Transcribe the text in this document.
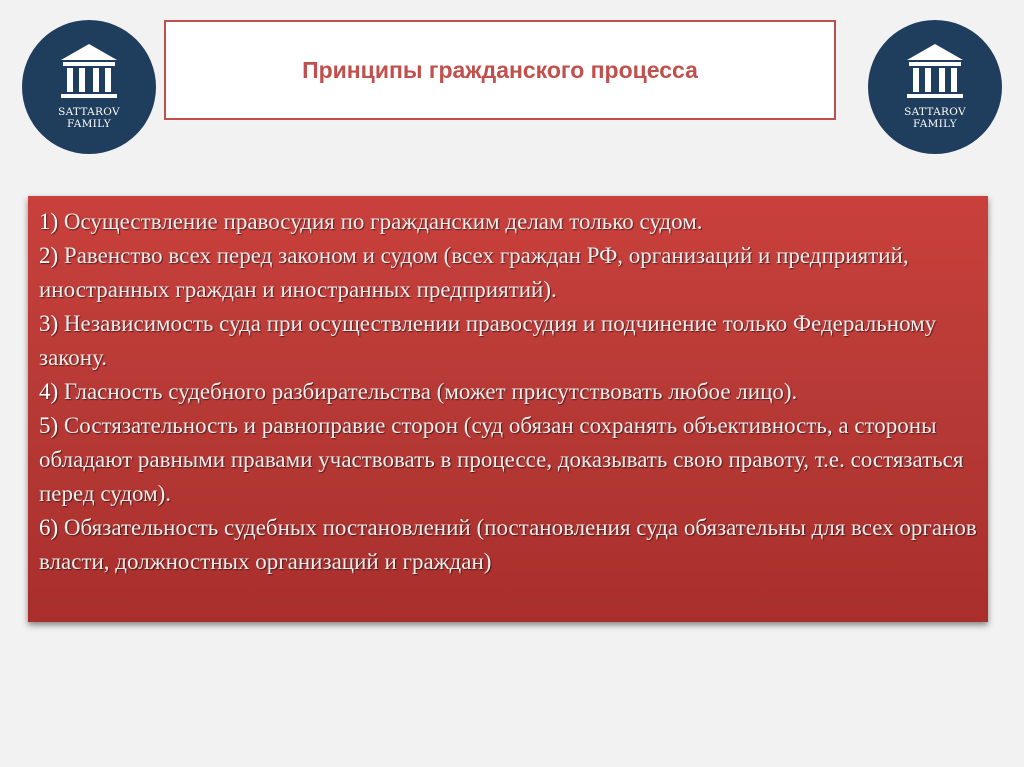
SATTAROV
FAMILY
Принципы гражданского процесса
SATTAROV
FAMILY

1) Осуществление правосудия по гражданским делам только судом.

2) Равенство всех перед законом и судом (всех граждан РФ, организаций и предприятий, иностранных граждан и иностранных предприятий).

3) Независимость суда при осуществлении правосудия и подчинение только Федеральному закону.

4) Гласность судебного разбирательства (может присутствовать любое лицо).

5) Состязательность и равноправие сторон (суд обязан сохранять объективность, а стороны обладают равными правами участвовать в процессе, доказывать свою правоту, т.е. состязаться перед судом).

6) Обязательность судебных постановлений (постановления суда обязательны для всех органов власти, должностных организаций и граждан)
